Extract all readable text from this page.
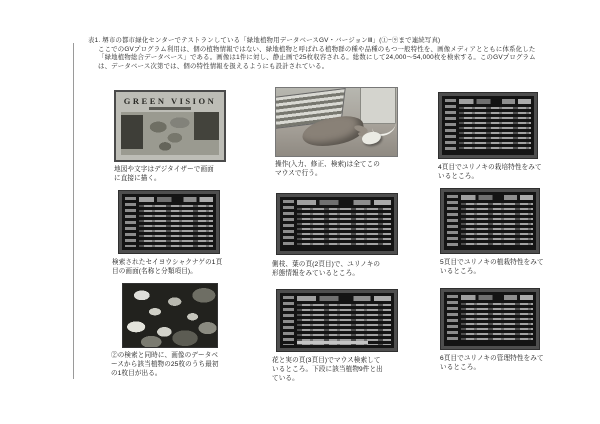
表1. 堺市の都市緑化センターでテストランしている「緑地植物用データベースGV・バージョンⅢ」(①−⑨まで連続写真)
ここでのGVプログラム利用は、個の植物情報ではない、緑地植物と呼ばれる植物群の種や品種のもつ一般特性を、画像メディアとともに体系化した
「緑地植物総合データベース」である。画像は1件に対し、静止画で25枚収容される。総数にして24,000〜54,000枚を検索する。このGVプログラム
は、データベース次第では、個の特性情報を扱えるようにも設計されている。
GREEN VISION
地図や文字はデジタイザーで画面に直接に描く。
操作(入力、修正、検索)は全てこのマウスで行う。
4頁目でユリノキの栽培特性をみているところ。
検索されたセイヨウシャクナゲの1頁目の画面(名称と分類項目)。
側枝、葉の頁(2頁目)で、ユリノキの形態情報をみているところ。
5頁目でユリノキの植栽特性をみているところ。
②の検索と同時に、画像のデータベースから該当植物の25枚のうち最初の1枚目が出る。
花と実の頁(3頁目)でマウス検索しているところ。下段に該当植物9件と出ている。
6頁目でユリノキの管理特性をみているところ。
